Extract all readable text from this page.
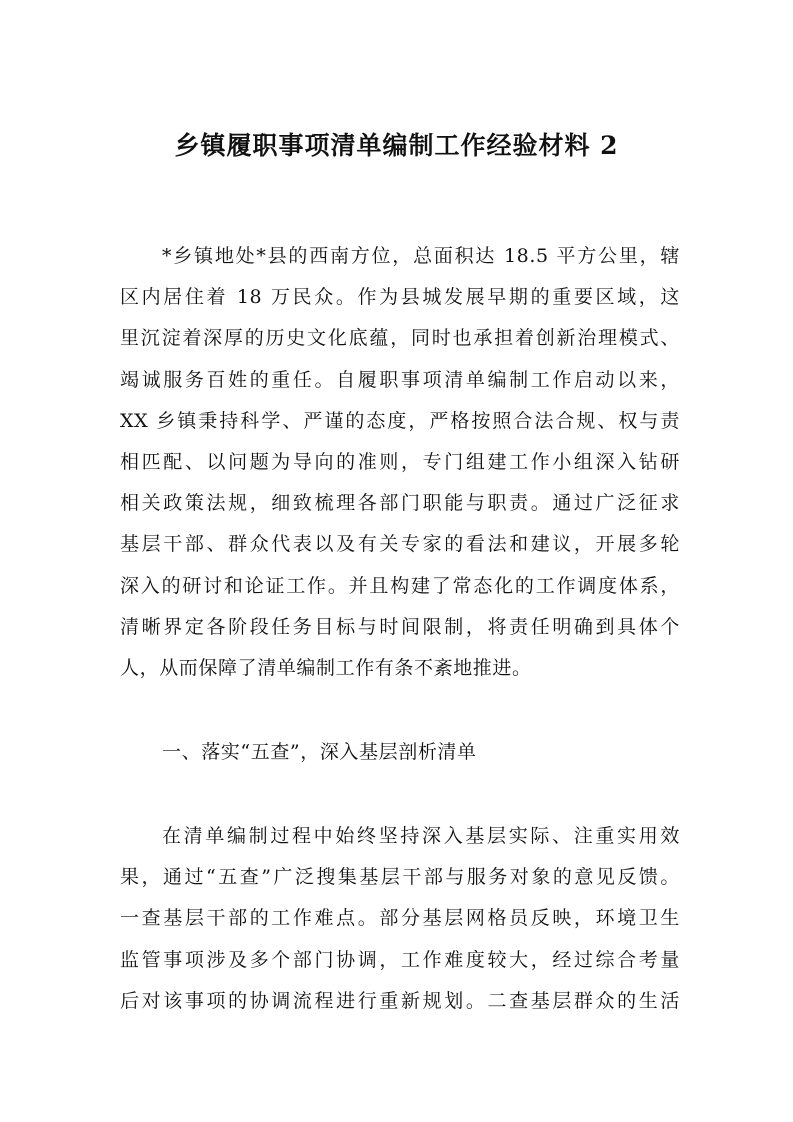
乡镇履职事项清单编制工作经验材料 2
*乡镇地处*县的西南方位，总面积达 18.5 平方公里，辖
区内居住着 18 万民众。作为县城发展早期的重要区域，这
里沉淀着深厚的历史文化底蕴，同时也承担着创新治理模式、
竭诚服务百姓的重任。自履职事项清单编制工作启动以来，
XX 乡镇秉持科学、严谨的态度，严格按照合法合规、权与责
相匹配、以问题为导向的准则，专门组建工作小组深入钻研
相关政策法规，细致梳理各部门职能与职责。通过广泛征求
基层干部、群众代表以及有关专家的看法和建议，开展多轮
深入的研讨和论证工作。并且构建了常态化的工作调度体系，
清晰界定各阶段任务目标与时间限制，将责任明确到具体个
人，从而保障了清单编制工作有条不紊地推进。
一、落实“五查”，深入基层剖析清单
在清单编制过程中始终坚持深入基层实际、注重实用效
果，通过“五查”广泛搜集基层干部与服务对象的意见反馈。
一查基层干部的工作难点。部分基层网格员反映，环境卫生
监管事项涉及多个部门协调，工作难度较大，经过综合考量
后对该事项的协调流程进行重新规划。二查基层群众的生活
